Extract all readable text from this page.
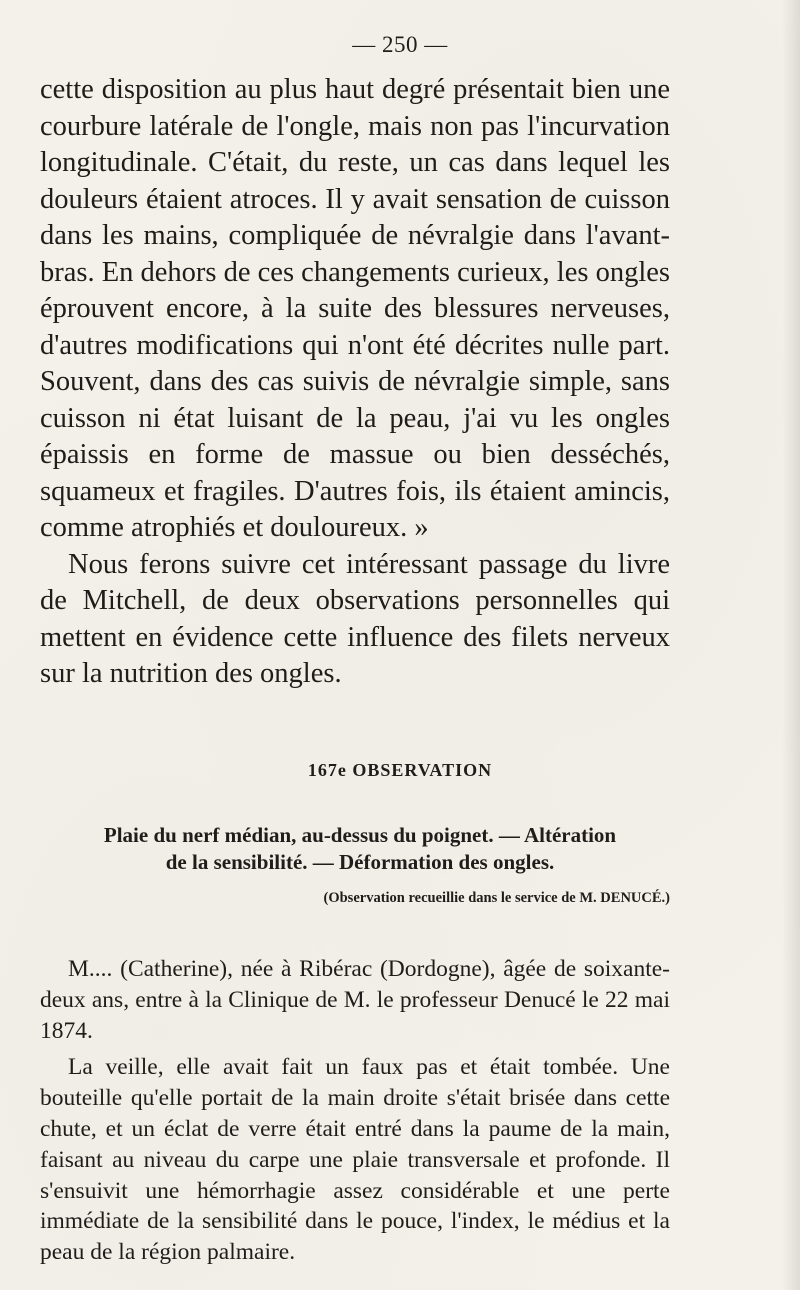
— 250 —

cette disposition au plus haut degré présentait bien une courbure latérale de l'ongle, mais non pas l'incurvation longitudinale. C'était, du reste, un cas dans lequel les douleurs étaient atroces. Il y avait sensation de cuisson dans les mains, compliquée de névralgie dans l'avant-bras. En dehors de ces changements curieux, les ongles éprouvent encore, à la suite des blessures nerveuses, d'autres modifications qui n'ont été décrites nulle part. Souvent, dans des cas suivis de névralgie simple, sans cuisson ni état luisant de la peau, j'ai vu les ongles épaissis en forme de massue ou bien desséchés, squameux et fragiles. D'autres fois, ils étaient amincis, comme atrophiés et douloureux. »

Nous ferons suivre cet intéressant passage du livre de Mitchell, de deux observations personnelles qui mettent en évidence cette influence des filets nerveux sur la nutrition des ongles.

167e OBSERVATION
Plaie du nerf médian, au-dessus du poignet. — Altération
de la sensibilité. — Déformation des ongles.
(Observation recueillie dans le service de M. DENUCÉ.)

M.... (Catherine), née à Ribérac (Dordogne), âgée de soixante-deux ans, entre à la Clinique de M. le professeur Denucé le 22 mai 1874.

La veille, elle avait fait un faux pas et était tombée. Une bouteille qu'elle portait de la main droite s'était brisée dans cette chute, et un éclat de verre était entré dans la paume de la main, faisant au niveau du carpe une plaie transversale et profonde. Il s'ensuivit une hémorrhagie assez considérable et une perte immédiate de la sensibilité dans le pouce, l'index, le médius et la peau de la région palmaire.
